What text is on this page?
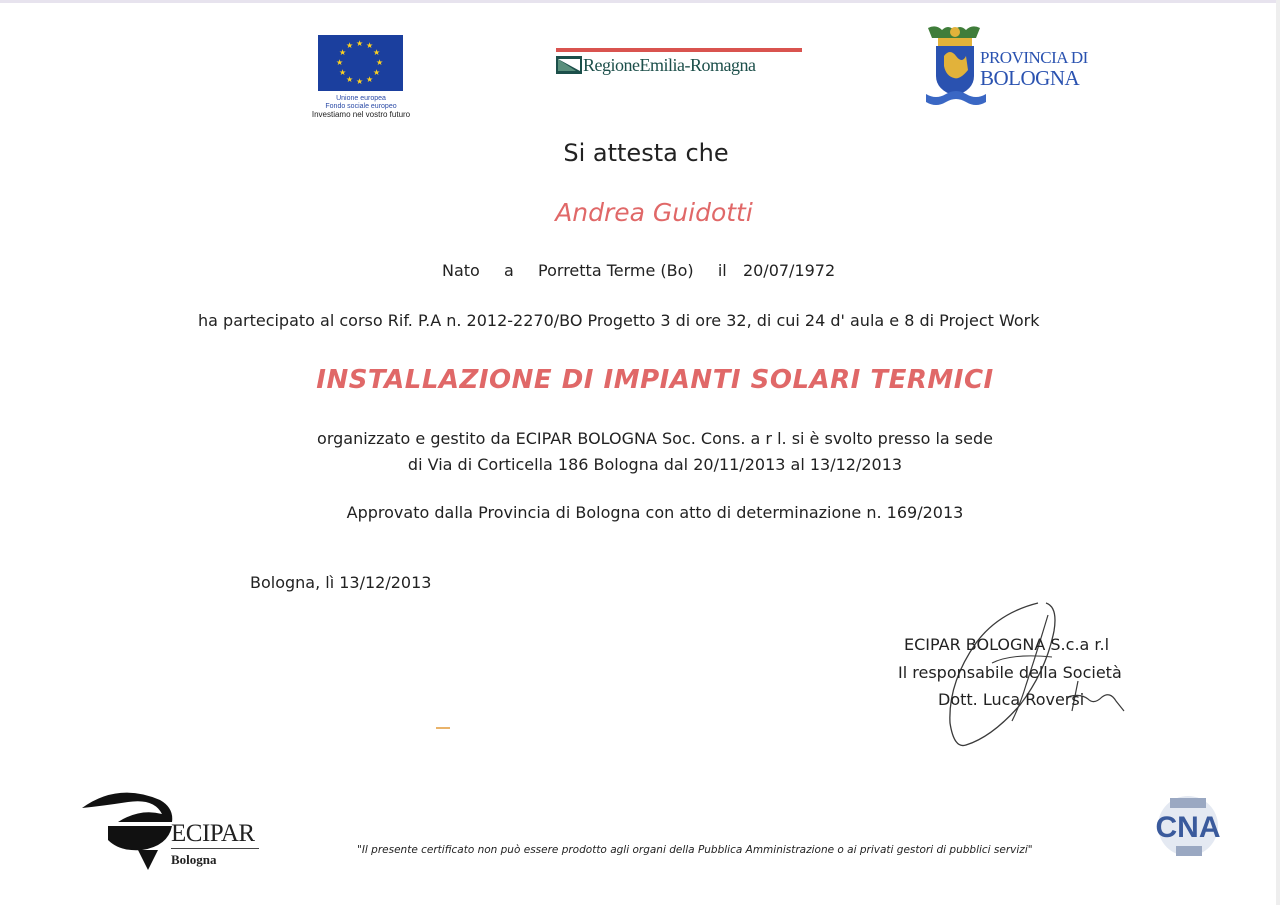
★ ★
★
★
★
★
★
★
★
★
★
★
Unione europea
Fondo sociale europeo
Investiamo nel vostro futuro
RegioneEmilia-Romagna	PROVINCIA DI
BOLOGNA
Si attesta che
Andrea Guidotti
Nato a Porretta Terme (Bo) il 20/07/1972
ha partecipato al corso Rif. P.A n. 2012-2270/BO Progetto 3 di ore 32, di cui 24 d' aula e 8 di Project Work
INSTALLAZIONE DI IMPIANTI SOLARI TERMICI
organizzato e gestito da ECIPAR BOLOGNA Soc. Cons. a r l. si è svolto presso la sede
di Via di Corticella 186 Bologna dal 20/11/2013 al 13/12/2013
Approvato dalla Provincia di Bologna con atto di determinazione n. 169/2013
Bologna, lì 13/12/2013
ECIPAR BOLOGNA S.c.a r.l
Il responsabile della Società
Dott. Luca Roversi
ECIPAR
Bologna
"Il presente certificato non può essere prodotto agli organi della Pubblica Amministrazione o ai privati gestori di pubblici servizi"
CNA
